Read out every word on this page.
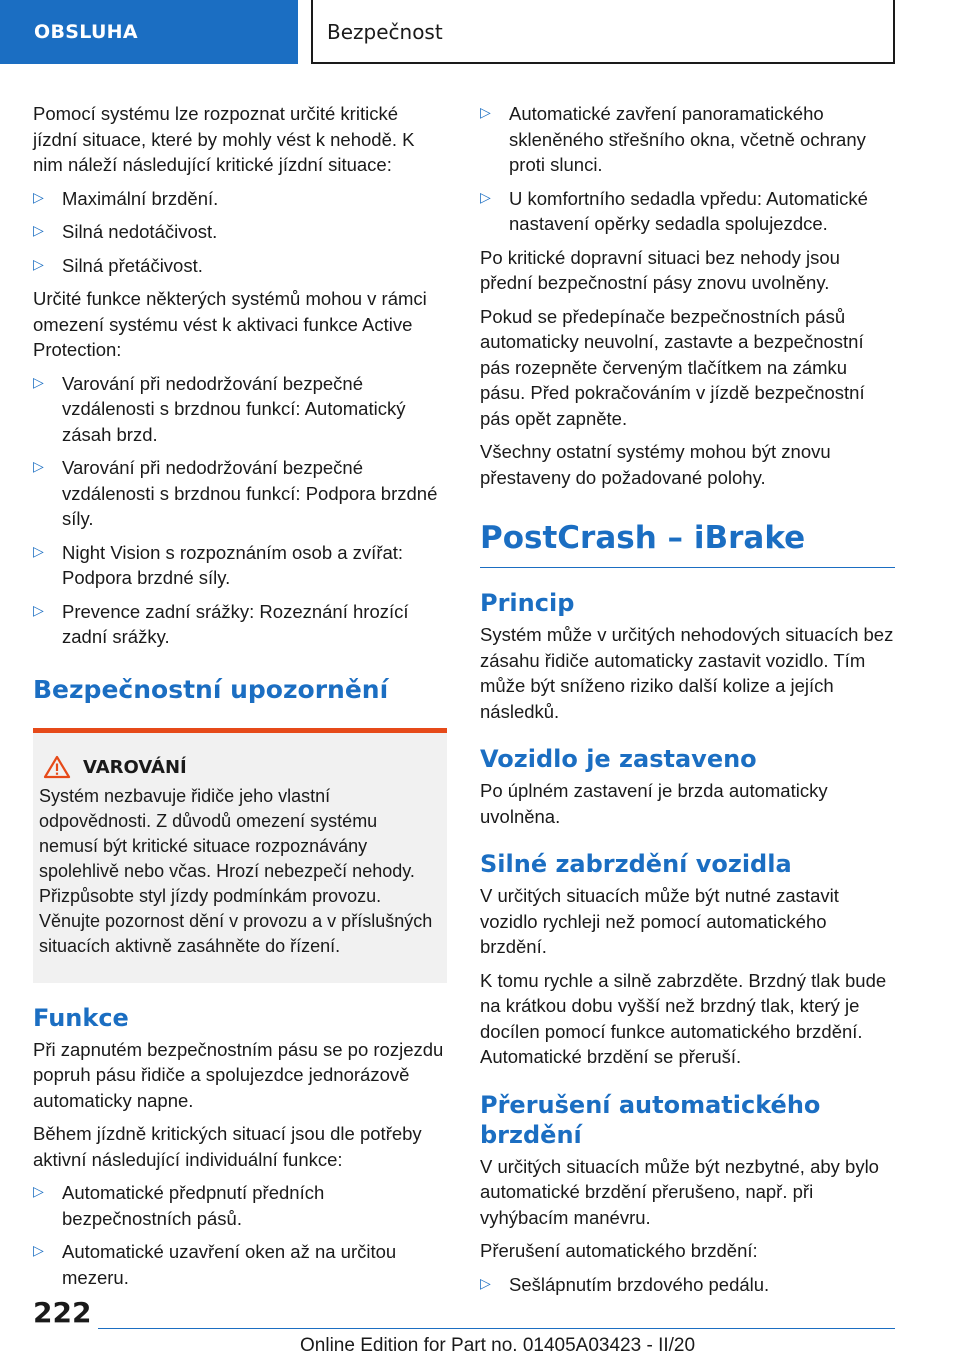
OBSLUHA	Bezpečnost

Pomocí systému lze rozpoznat určité kritické jízdní situace, které by mohly vést k nehodě. K nim náleží následující kritické jízdní situace:

▷ Maximální brzdění.
▷ Silná nedotáčivost.
▷ Silná přetáčivost.

Určité funkce některých systémů mohou v rámci omezení systému vést k aktivaci funkce Active Protection:

▷ Varování při nedodržování bezpečné vzdálenosti s brzdnou funkcí: Automatický zásah brzd.
▷ Varování při nedodržování bezpečné vzdálenosti s brzdnou funkcí: Podpora brzdné síly.
▷ Night Vision s rozpoznáním osob a zvířat: Podpora brzdné síly.
▷ Prevence zadní srážky: Rozeznání hrozící zadní srážky.
Bezpečnostní upozornění
VAROVÁNÍ
Systém nezbavuje řidiče jeho vlastní odpovědnosti. Z důvodů omezení systému nemusí být kritické situace rozpoznávány spolehlivě nebo včas. Hrozí nebezpečí nehody. Přizpůsobte styl jízdy podmínkám provozu. Věnujte pozornost dění v provozu a v příslušných situacích aktivně zasáhněte do řízení.
Funkce

Při zapnutém bezpečnostním pásu se po rozjezdu popruh pásu řidiče a spolujezdce jednorázově automaticky napne.

Během jízdně kritických situací jsou dle potřeby aktivní následující individuální funkce:

▷ Automatické předpnutí předních bezpečnostních pásů.
▷ Automatické uzavření oken až na určitou mezeru.
▷ Automatické zavření panoramatického skleněného střešního okna, včetně ochrany proti slunci.
▷ U komfortního sedadla vpředu: Automatické nastavení opěrky sedadla spolujezdce.

Po kritické dopravní situaci bez nehody jsou přední bezpečnostní pásy znovu uvolněny.

Pokud se předepínače bezpečnostních pásů automaticky neuvolní, zastavte a bezpečnostní pás rozepněte červeným tlačítkem na zámku pásu. Před pokračováním v jízdě bezpečnostní pás opět zapněte.

Všechny ostatní systémy mohou být znovu přestaveny do požadované polohy.

PostCrash – iBrake
Princip

Systém může v určitých nehodových situacích bez zásahu řidiče automaticky zastavit vozidlo. Tím může být sníženo riziko další kolize a jejích následků.

Vozidlo je zastaveno

Po úplném zastavení je brzda automaticky uvolněna.

Silné zabrzdění vozidla

V určitých situacích může být nutné zastavit vozidlo rychleji než pomocí automatického brzdění.

K tomu rychle a silně zabrzděte. Brzdný tlak bude na krátkou dobu vyšší než brzdný tlak, který je docílen pomocí funkce automatického brzdění. Automatické brzdění se přeruší.

Přerušení automatického brzdění

V určitých situacích může být nezbytné, aby bylo automatické brzdění přerušeno, např. při vyhýbacím manévru.

Přerušení automatického brzdění:

▷ Sešlápnutím brzdového pedálu.
222
Online Edition for Part no. 01405A03423 - II/20
